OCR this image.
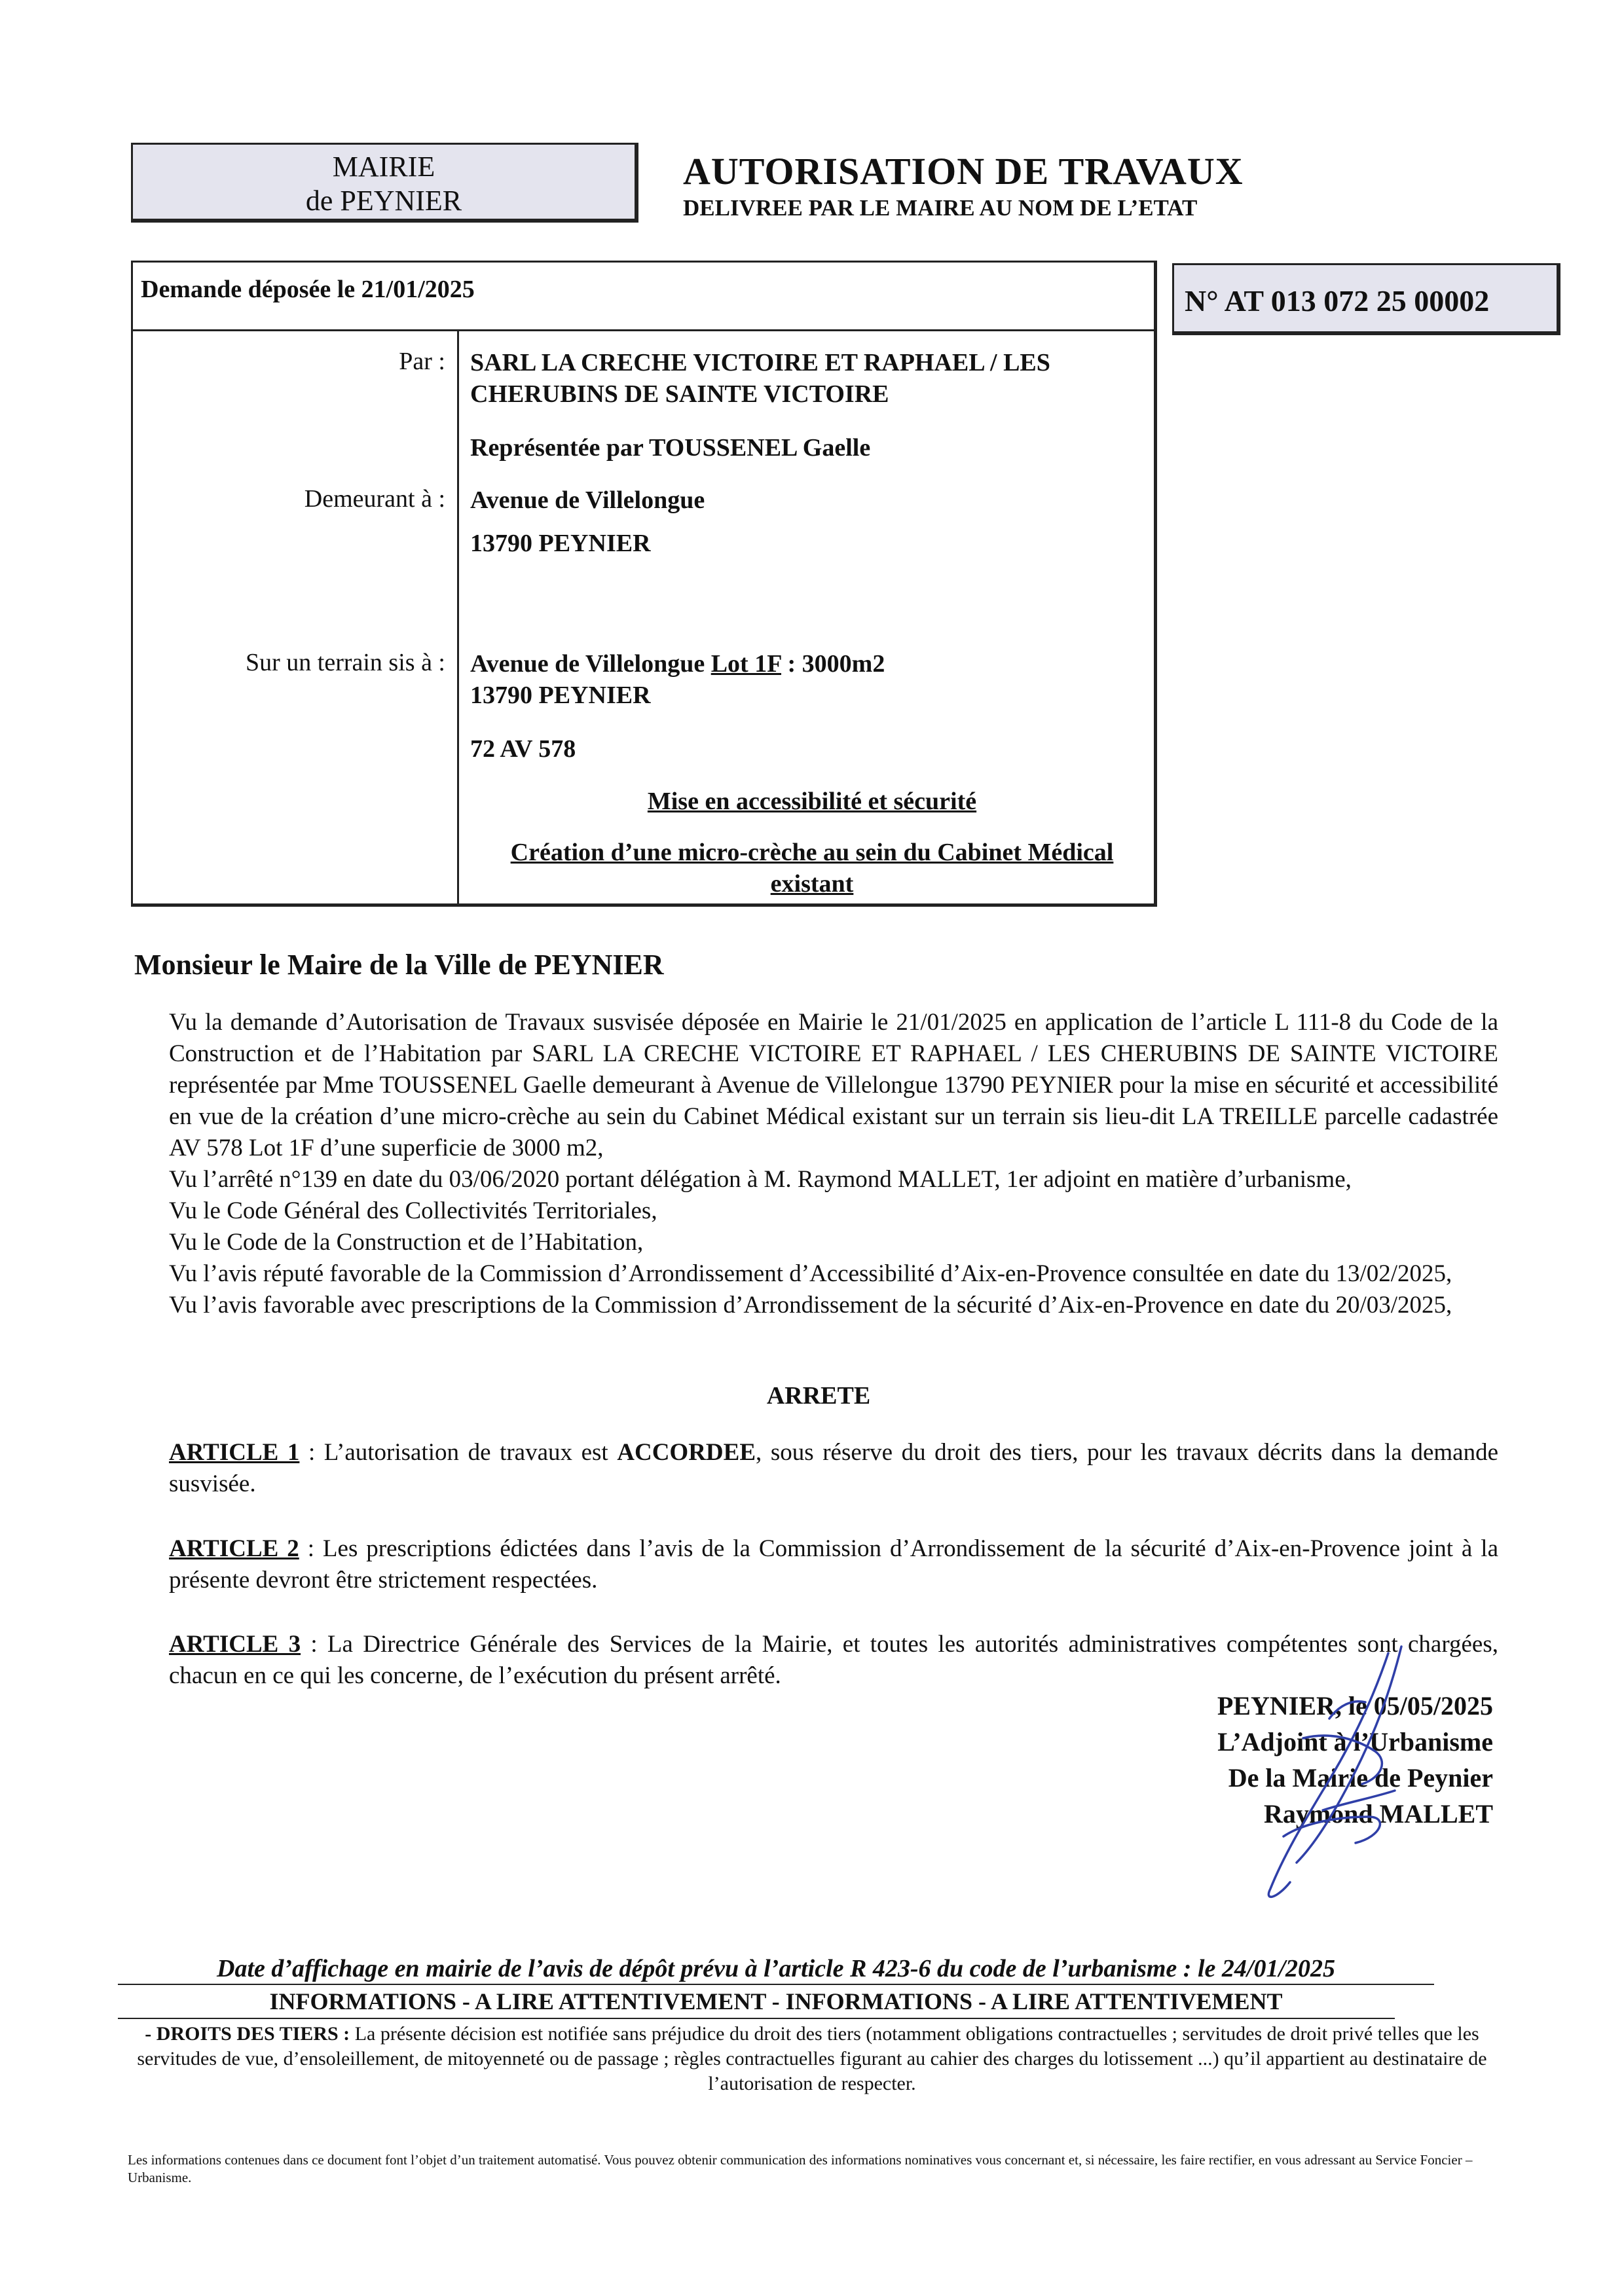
MAIRIE
de PEYNIER
AUTORISATION DE TRAVAUX
DELIVREE PAR LE MAIRE AU NOM DE L’ETAT
Demande déposée le 21/01/2025	N° AT 013 072 25 00002
Par : SARL LA CRECHE VICTOIRE ET RAPHAEL / LES
CHERUBINS DE SAINTE VICTOIRE
Représentée par TOUSSENEL Gaelle
Demeurant à : Avenue de Villelongue
13790 PEYNIER
Sur un terrain sis à : Avenue de Villelongue Lot 1F : 3000m2
13790 PEYNIER
72 AV 578
Mise en accessibilité et sécurité
Création d’une micro-crèche au sein du Cabinet Médical
existant
Monsieur le Maire de la Ville de PEYNIER

Vu la demande d’Autorisation de Travaux susvisée déposée en Mairie le 21/01/2025 en application de l’article L 111-8 du Code de la Construction et de l’Habitation par SARL LA CRECHE VICTOIRE ET RAPHAEL / LES CHERUBINS DE SAINTE VICTOIRE représentée par Mme TOUSSENEL Gaelle demeurant à Avenue de Villelongue 13790 PEYNIER pour la mise en sécurité et accessibilité en vue de la création d’une micro-crèche au sein du Cabinet Médical existant sur un terrain sis lieu-dit LA TREILLE parcelle cadastrée AV 578 Lot 1F d’une superficie de 3000 m2,

Vu l’arrêté n°139 en date du 03/06/2020 portant délégation à M. Raymond MALLET, 1er adjoint en matière d’urbanisme,

Vu le Code Général des Collectivités Territoriales,

Vu le Code de la Construction et de l’Habitation,

Vu l’avis réputé favorable de la Commission d’Arrondissement d’Accessibilité d’Aix-en-Provence consultée en date du 13/02/2025,

Vu l’avis favorable avec prescriptions de la Commission d’Arrondissement de la sécurité d’Aix-en-Provence en date du 20/03/2025,

ARRETE
ARTICLE 1 : L’autorisation de travaux est ACCORDEE, sous réserve du droit des tiers, pour les travaux décrits dans la demande susvisée.
ARTICLE 2 : Les prescriptions édictées dans l’avis de la Commission d’Arrondissement de la sécurité d’Aix-en-Provence joint à la présente devront être strictement respectées.
ARTICLE 3 : La Directrice Générale des Services de la Mairie, et toutes les autorités administratives compétentes sont chargées, chacun en ce qui les concerne, de l’exécution du présent arrêté.
PEYNIER, le 05/05/2025
L’Adjoint à l’Urbanisme
De la Mairie de Peynier
Raymond MALLET
Date d’affichage en mairie de l’avis de dépôt prévu à l’article R 423-6 du code de l’urbanisme : le 24/01/2025
INFORMATIONS - A LIRE ATTENTIVEMENT - INFORMATIONS - A LIRE ATTENTIVEMENT
- DROITS DES TIERS : La présente décision est notifiée sans préjudice du droit des tiers (notamment obligations contractuelles ; servitudes de droit privé telles que les servitudes de vue, d’ensoleillement, de mitoyenneté ou de passage ; règles contractuelles figurant au cahier des charges du lotissement ...) qu’il appartient au destinataire de l’autorisation de respecter.
Les informations contenues dans ce document font l’objet d’un traitement automatisé. Vous pouvez obtenir communication des informations nominatives vous concernant et, si nécessaire, les faire rectifier, en vous adressant au Service Foncier – Urbanisme.
